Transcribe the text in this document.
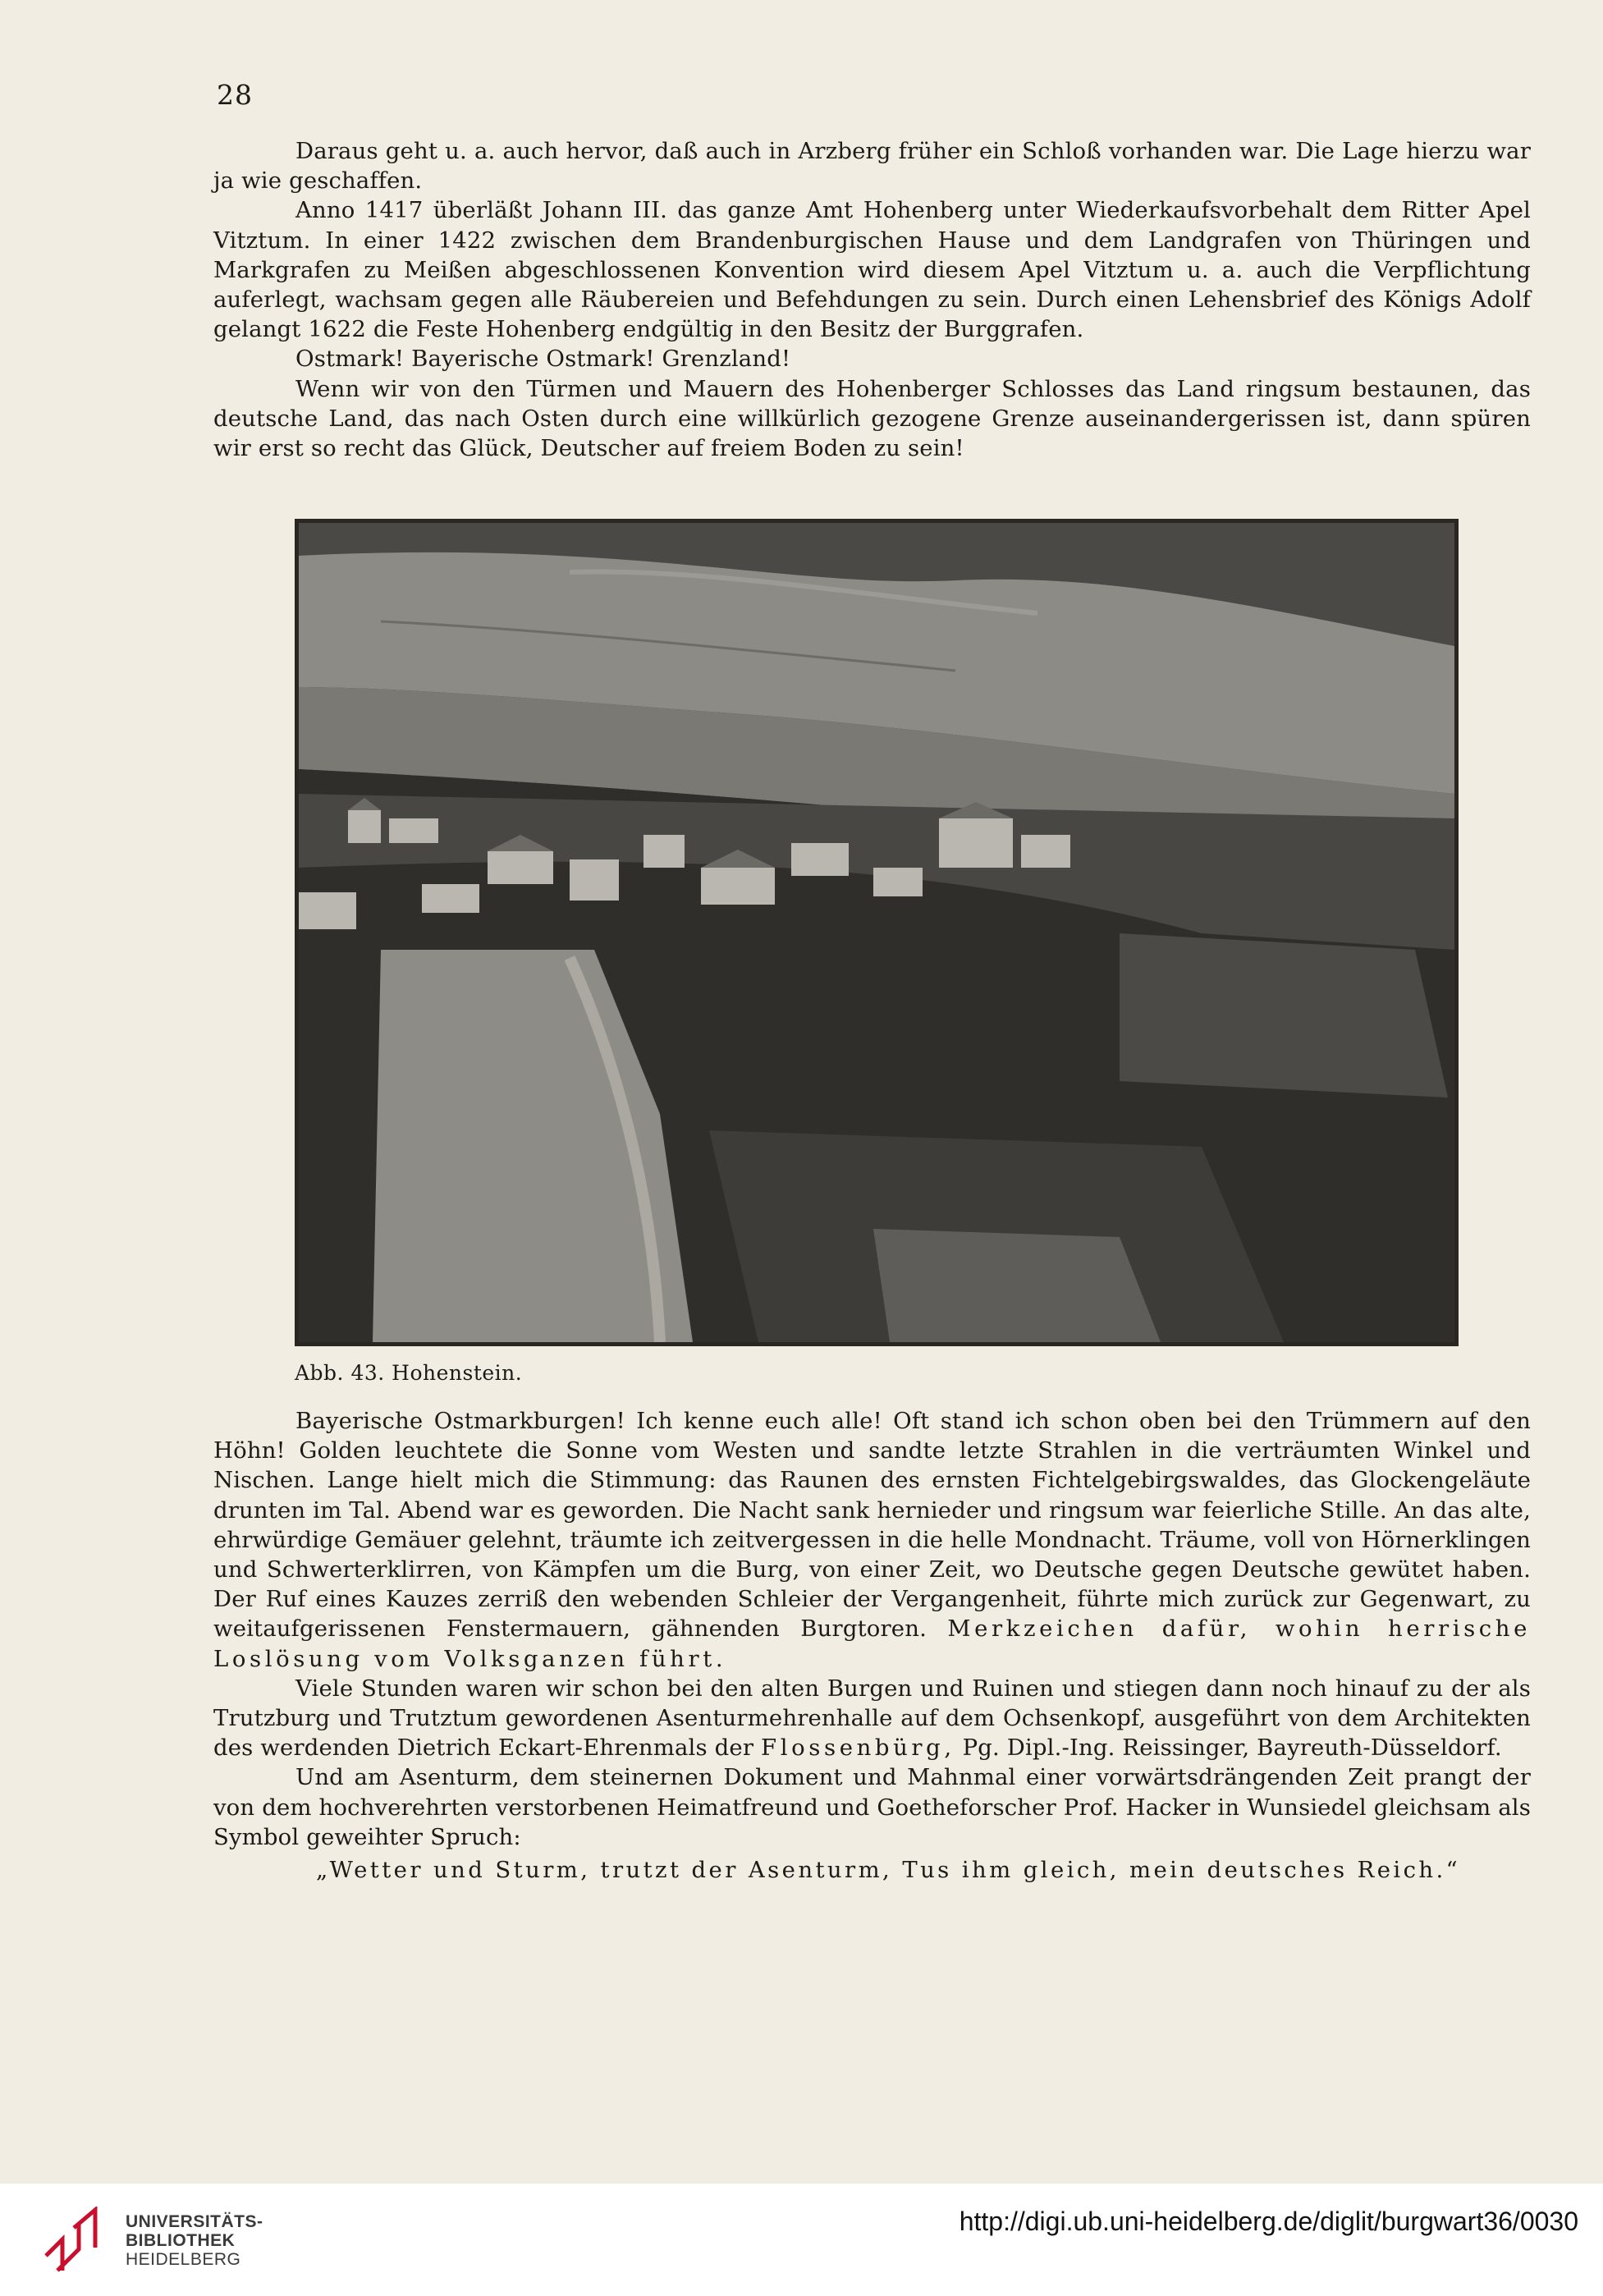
28

Daraus geht u. a. auch hervor, daß auch in Arzberg früher ein Schloß vorhanden war. Die Lage hierzu war ja wie geschaffen.

Anno 1417 überläßt Johann III. das ganze Amt Hohenberg unter Wiederkaufsvorbehalt dem Ritter Apel Vitztum. In einer 1422 zwischen dem Brandenburgischen Hause und dem Landgrafen von Thüringen und Markgrafen zu Meißen abgeschlossenen Konvention wird diesem Apel Vitztum u. a. auch die Verpflichtung auferlegt, wachsam gegen alle Räubereien und Befehdungen zu sein. Durch einen Lehensbrief des Königs Adolf gelangt 1622 die Feste Hohenberg endgültig in den Besitz der Burggrafen.

Ostmark! Bayerische Ostmark! Grenzland!

Wenn wir von den Türmen und Mauern des Hohenberger Schlosses das Land ringsum bestaunen, das deutsche Land, das nach Osten durch eine willkürlich gezogene Grenze auseinandergerissen ist, dann spüren wir erst so recht das Glück, Deutscher auf freiem Boden zu sein!

Abb. 43. Hohenstein.

Bayerische Ostmarkburgen! Ich kenne euch alle! Oft stand ich schon oben bei den Trümmern auf den Höhn! Golden leuchtete die Sonne vom Westen und sandte letzte Strahlen in die verträumten Winkel und Nischen. Lange hielt mich die Stimmung: das Raunen des ernsten Fichtelgebirgswaldes, das Glockengeläute drunten im Tal. Abend war es geworden. Die Nacht sank hernieder und ringsum war feierliche Stille. An das alte, ehrwürdige Gemäuer gelehnt, träumte ich zeitvergessen in die helle Mondnacht. Träume, voll von Hörnerklingen und Schwerterklirren, von Kämpfen um die Burg, von einer Zeit, wo Deutsche gegen Deutsche gewütet haben. Der Ruf eines Kauzes zerriß den webenden Schleier der Vergangenheit, führte mich zurück zur Gegenwart, zu weitaufgerissenen Fenstermauern, gähnenden Burgtoren. Merkzeichen dafür, wohin herrische Loslösung vom Volksganzen führt.

Viele Stunden waren wir schon bei den alten Burgen und Ruinen und stiegen dann noch hinauf zu der als Trutzburg und Trutztum gewordenen Asenturmehrenhalle auf dem Ochsenkopf, ausgeführt von dem Architekten des werdenden Dietrich Eckart-Ehrenmals der Flossenbürg, Pg. Dipl.-Ing. Reissinger, Bayreuth-Düsseldorf.

Und am Asenturm, dem steinernen Dokument und Mahnmal einer vorwärtsdrängenden Zeit prangt der von dem hochverehrten verstorbenen Heimatfreund und Goetheforscher Prof. Hacker in Wunsiedel gleichsam als Symbol geweihter Spruch:

„Wetter und Sturm, trutzt der Asenturm, Tus ihm gleich, mein deutsches Reich.“

UNIVERSITÄTS-
BIBLIOTHEK
HEIDELBERG
http://digi.ub.uni-heidelberg.de/diglit/burgwart36/0030
